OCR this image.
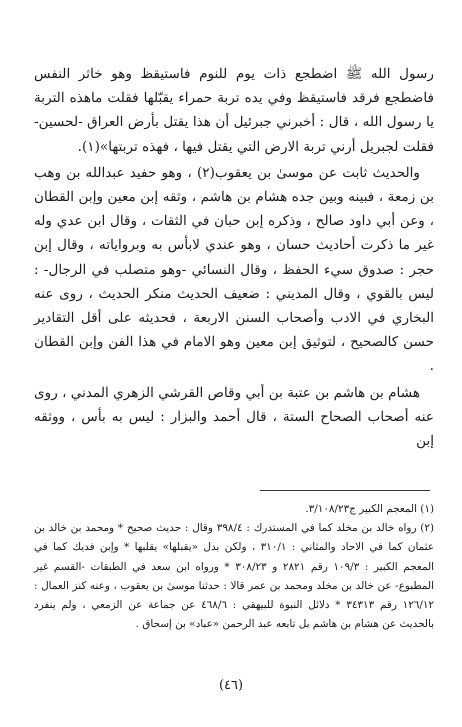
رسول الله ﷺ اضطجع ذات يوم للنوم فاستيقظ وهو خاثر النفس فاضطجع فرقد فاستيقظ وفي يده تربة حمراء يقبّلها فقلت ماهذه التربة يا رسول الله ، قال : أخبرني جبرئيل أن هذا يقتل بأرض العراق -لحسين- فقلت لجبريل أرني تربة الارض التي يقتل فيها ، فهذه تربتها»(١).

والحديث ثابت عن موسىٰ بن يعقوب(٢) ، وهو حفيد عبدالله بن وهب بن زمعة ، فبينه وبين جده هشام بن هاشم ، وثقه إبن معين وإبن القطان ، وعن أبي داود صالح ، وذكره إبن حبان في الثقات ، وقال ابن عدي وله غير ما ذكرت أحاديث حسان ، وهو عندي لابأس به وبرواياته ، وقال إبن حجر : صدوق سيء الحفظ ، وقال النسائي -وهو متصلب في الرجال- : ليس بالقوي ، وقال المديني : ضعيف الحديث منكر الحديث ، روى عنه البخاري في الادب وأصحاب السنن الاربعة ، فحديثه على أقل التقادير حسن كالصحيح ، لتوثيق إبن معين وهو الامام في هذا الفن وإبن القطان .

هشام بن هاشم بن عتبة بن أبي وقاص القرشي الزهري المدني ، روى عنه أصحاب الصحاح الستة ، قال أحمد والبزار : ليس به بأس ، ووثقه إبن

(١) المعجم الكبير ج٣/١٠٨/٢٣.

(٢) رواه خالد بن مخلد كما في المستدرك : ٣٩٨/٤ وقال : حديث صحيح * ومحمد بن خالد بن عثمان كما في الاحاد والمثاني : ٣١٠/١ ، ولكن بدل «يقبلها» يقلبها * وإبن فديك كما في المعجم الكبير : ١٠٩/٣ رقم ٢٨٢١ و ٣٠٨/٢٣ * ورواه ابن سعد في الطبقات -القسم غير المطبوع- عن خالد بن مخلد ومحمد بن عمر قالا : حدثنا موسىٰ بن يعقوب ، وعنه كنز العمال : ١٢٦/١٢ رقم ٣٤٣١٣ * دلائل النبوة للبيهقي : ٤٦٨/٦ عن جماعة عن الزمعي ، ولم ينفرد بالحديث عن هشام بن هاشم بل تابعه عبد الرحمن «عباد» بن إسحاق .

(٤٦)
